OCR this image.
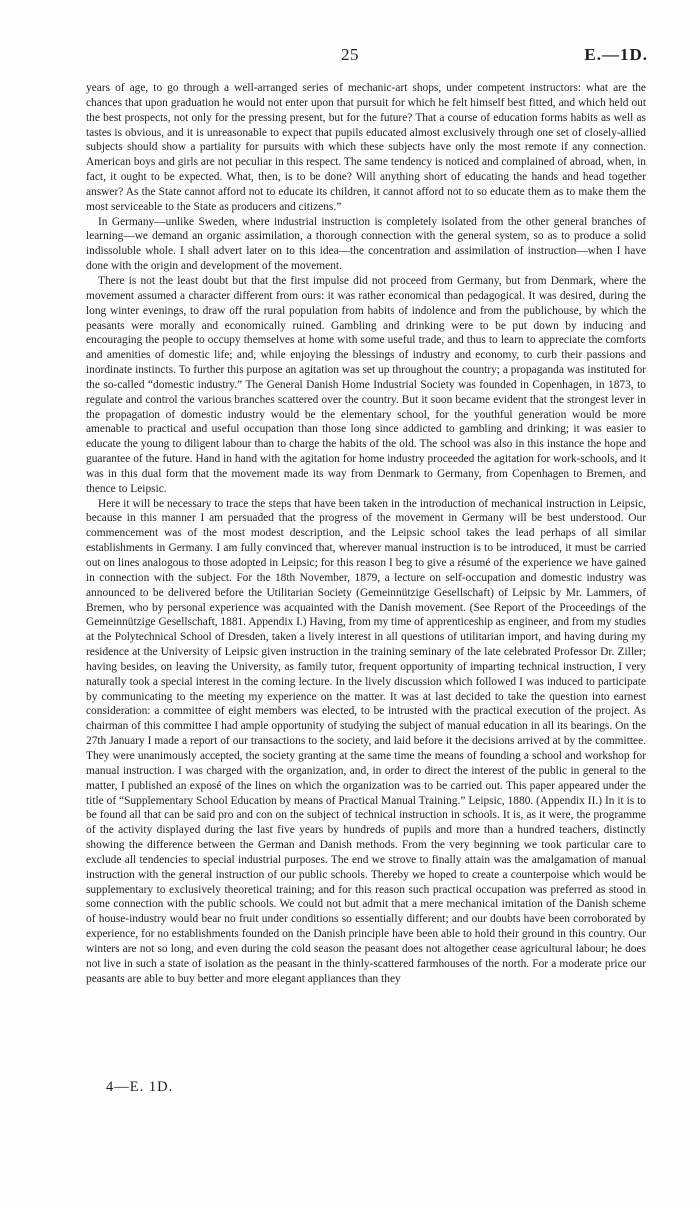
25	E.—1D.

years of age, to go through a well-arranged series of mechanic-art shops, under competent instructors: what are the chances that upon graduation he would not enter upon that pursuit for which he felt himself best fitted, and which held out the best prospects, not only for the pressing present, but for the future? That a course of education forms habits as well as tastes is obvious, and it is unreasonable to expect that pupils educated almost exclusively through one set of closely-allied subjects should show a partiality for pursuits with which these subjects have only the most remote if any connection. American boys and girls are not peculiar in this respect. The same tendency is noticed and complained of abroad, when, in fact, it ought to be expected. What, then, is to be done? Will anything short of educating the hands and head together answer? As the State cannot afford not to educate its children, it cannot afford not to so educate them as to make them the most serviceable to the State as producers and citizens.”

In Germany—unlike Sweden, where industrial instruction is completely isolated from the other general branches of learning—we demand an organic assimilation, a thorough connection with the general system, so as to produce a solid indissoluble whole. I shall advert later on to this idea—the concentration and assimilation of instruction—when I have done with the origin and development of the movement.

There is not the least doubt but that the first impulse did not proceed from Germany, but from Denmark, where the movement assumed a character different from ours: it was rather economical than pedagogical. It was desired, during the long winter evenings, to draw off the rural population from habits of indolence and from the publichouse, by which the peasants were morally and economically ruined. Gambling and drinking were to be put down by inducing and encouraging the people to occupy themselves at home with some useful trade, and thus to learn to appreciate the comforts and amenities of domestic life; and, while enjoying the blessings of industry and economy, to curb their passions and inordinate instincts. To further this purpose an agitation was set up throughout the country; a propaganda was instituted for the so-called “domestic industry.” The General Danish Home Industrial Society was founded in Copenhagen, in 1873, to regulate and control the various branches scattered over the country. But it soon became evident that the strongest lever in the propagation of domestic industry would be the elementary school, for the youthful generation would be more amenable to practical and useful occupation than those long since addicted to gambling and drinking; it was easier to educate the young to diligent labour than to charge the habits of the old. The school was also in this instance the hope and guarantee of the future. Hand in hand with the agitation for home industry proceeded the agitation for work-schools, and it was in this dual form that the movement made its way from Denmark to Germany, from Copenhagen to Bremen, and thence to Leipsic.

Here it will be necessary to trace the steps that have been taken in the introduction of mechanical instruction in Leipsic, because in this manner I am persuaded that the progress of the movement in Germany will be best understood. Our commencement was of the most modest description, and the Leipsic school takes the lead perhaps of all similar establishments in Germany. I am fully convinced that, wherever manual instruction is to be introduced, it must be carried out on lines analogous to those adopted in Leipsic; for this reason I beg to give a résumé of the experience we have gained in connection with the subject. For the 18th November, 1879, a lecture on self-occupation and domestic industry was announced to be delivered before the Utilitarian Society (Gemeinnützige Gesellschaft) of Leipsic by Mr. Lammers, of Bremen, who by personal experience was acquainted with the Danish movement. (See Report of the Proceedings of the Gemeinnützige Gesellschaft, 1881. Appendix I.) Having, from my time of apprenticeship as engineer, and from my studies at the Polytechnical School of Dresden, taken a lively interest in all questions of utilitarian import, and having during my residence at the University of Leipsic given instruction in the training seminary of the late celebrated Professor Dr. Ziller; having besides, on leaving the University, as family tutor, frequent opportunity of imparting technical instruction, I very naturally took a special interest in the coming lecture. In the lively discussion which followed I was induced to participate by communicating to the meeting my experience on the matter. It was at last decided to take the question into earnest consideration: a committee of eight members was elected, to be intrusted with the practical execution of the project. As chairman of this committee I had ample opportunity of studying the subject of manual education in all its bearings. On the 27th January I made a report of our transactions to the society, and laid before it the decisions arrived at by the committee. They were unanimously accepted, the society granting at the same time the means of founding a school and workshop for manual instruction. I was charged with the organization, and, in order to direct the interest of the public in general to the matter, I published an exposé of the lines on which the organization was to be carried out. This paper appeared under the title of “Supplementary School Education by means of Practical Manual Training.” Leipsic, 1880. (Appendix II.) In it is to be found all that can be said pro and con on the subject of technical instruction in schools. It is, as it were, the programme of the activity displayed during the last five years by hundreds of pupils and more than a hundred teachers, distinctly showing the difference between the German and Danish methods. From the very beginning we took particular care to exclude all tendencies to special industrial purposes. The end we strove to finally attain was the amalgamation of manual instruction with the general instruction of our public schools. Thereby we hoped to create a counterpoise which would be supplementary to exclusively theoretical training; and for this reason such practical occupation was preferred as stood in some connection with the public schools. We could not but admit that a mere mechanical imitation of the Danish scheme of house-industry would bear no fruit under conditions so essentially different; and our doubts have been corroborated by experience, for no establishments founded on the Danish principle have been able to hold their ground in this country. Our winters are not so long, and even during the cold season the peasant does not altogether cease agricultural labour; he does not live in such a state of isolation as the peasant in the thinly-scattered farmhouses of the north. For a moderate price our peasants are able to buy better and more elegant appliances than they

4—E. 1D.
